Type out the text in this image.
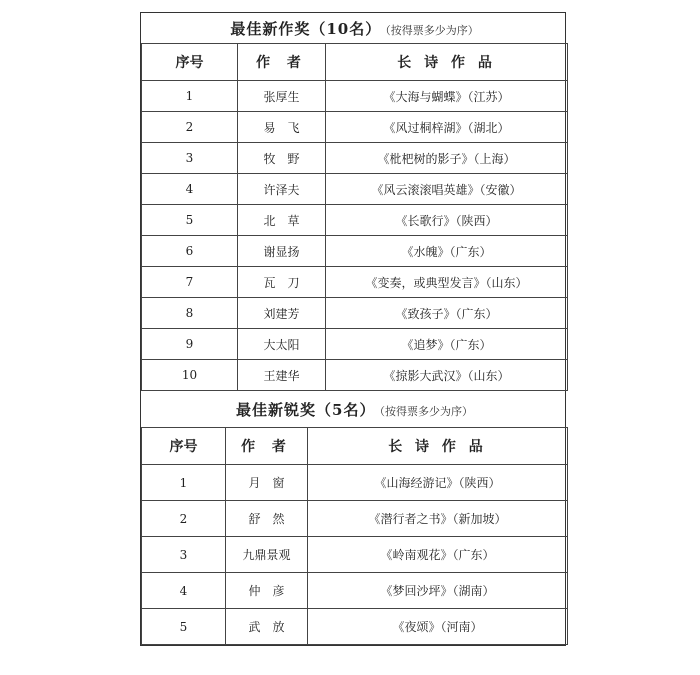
最佳新作奖（10名） （按得票多少为序）		
序号	作 者	长 诗 作 品
1	张厚生	《大海与蝴蝶》（江苏）
2	易　飞	《风过桐梓湖》（湖北）
3	牧　野	《枇杷树的影子》（上海）
4	许泽夫	《风云滚滚唱英雄》（安徽）
5	北　草	《长歌行》（陕西）
6	谢显扬	《水魄》（广东）
7	瓦　刀	《变奏，或典型发言》（山东）
8	刘建芳	《致孩子》（广东）
9	大太阳	《追梦》（广东）
10	王建华	《掠影大武汉》（山东）
最佳新锐奖（5名） （按得票多少为序）		
序号	作 者	长 诗 作 品
1	月　窗	《山海经游记》（陕西）
2	舒　然	《潜行者之书》（新加坡）
3	九鼎景观	《岭南观花》（广东）
4	仲　彦	《梦回沙坪》（湖南）
5	武　放	《夜颂》（河南）
